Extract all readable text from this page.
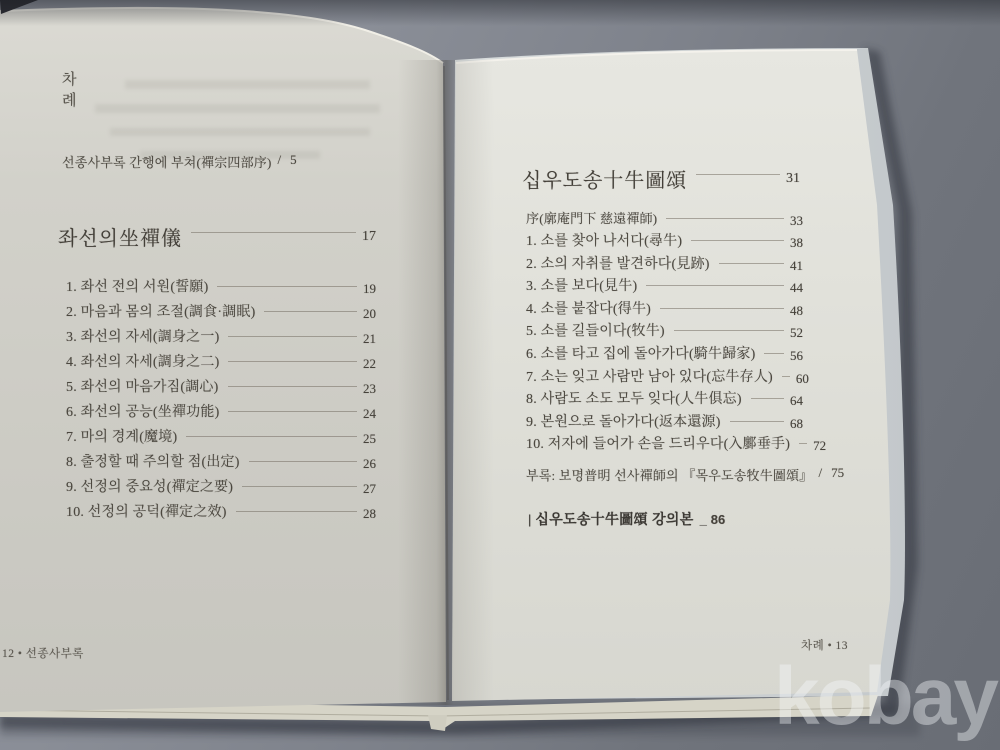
차례
선종사부록 간행에 부쳐(禪宗四部序) / 5
좌선의坐禪儀	17
1. 좌선 전의 서원(誓願)	19
2. 마음과 몸의 조절(調食·調眠)	20
3. 좌선의 자세(調身之一)	21
4. 좌선의 자세(調身之二)	22
5. 좌선의 마음가짐(調心)	23
6. 좌선의 공능(坐禪功能)	24
7. 마의 경계(魔境)	25
8. 출정할 때 주의할 점(出定)	26
9. 선정의 중요성(禪定之要)	27
10. 선정의 공덕(禪定之效)	28
12 • 선종사부록
십우도송十牛圖頌	31
序(廓庵門下 慈遠禪師)	33
1. 소를 찾아 나서다(尋牛)	38
2. 소의 자취를 발견하다(見跡)	41
3. 소를 보다(見牛)	44
4. 소를 붙잡다(得牛)	48
5. 소를 길들이다(牧牛)	52
6. 소를 타고 집에 돌아가다(騎牛歸家)	56
7. 소는 잊고 사람만 남아 있다(忘牛存人) 60
8. 사람도 소도 모두 잊다(人牛俱忘)	64
9. 본원으로 돌아가다(返本還源)	68
10. 저자에 들어가 손을 드리우다(入鄽垂手) 72
부록: 보명普明 선사禪師의 『목우도송牧牛圖頌』 / 75
| 십우도송十牛圖頌 강의본 _ 86
차례 • 13
kobay
